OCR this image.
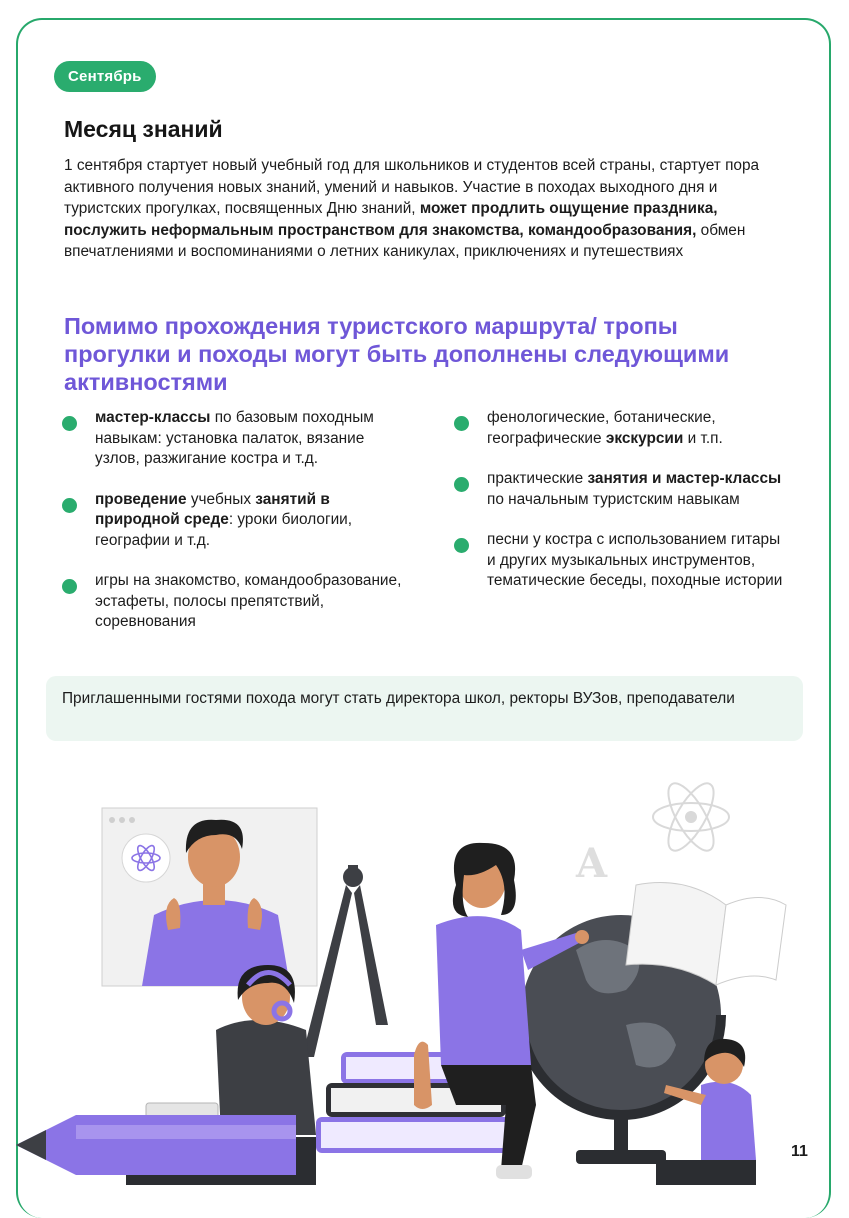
Сентябрь
Месяц знаний

1 сентября стартует новый учебный год для школьников и студентов всей страны, стартует пора активного получения новых знаний, умений и навыков. Участие в походах выходного дня и туристских прогулках, посвященных Дню знаний, может продлить ощущение праздника, послужить неформальным пространством для знакомства, командообразования, обмен впечатлениями и воспоминаниями о летних каникулах, приключениях и путешествиях

Помимо прохождения туристского маршрута/ тропы прогулки и походы могут быть дополнены следующими активностями
мастер-классы по базовым походным навыкам: установка палаток, вязание узлов, разжигание костра и т.д.
проведение учебных занятий в природной среде: уроки биологии, географии и т.д.
игры на знакомство, командообразование, эстафеты, полосы препятствий, соревнования
фенологические, ботанические, географические экскурсии и т.п.
практические занятия и мастер-классы по начальным туристским навыкам
песни у костра с использованием гитары и других музыкальных инструментов, тематические беседы, походные истории
Приглашенными гостями похода могут стать директора школ, ректоры ВУЗов, преподаватели
A
11
